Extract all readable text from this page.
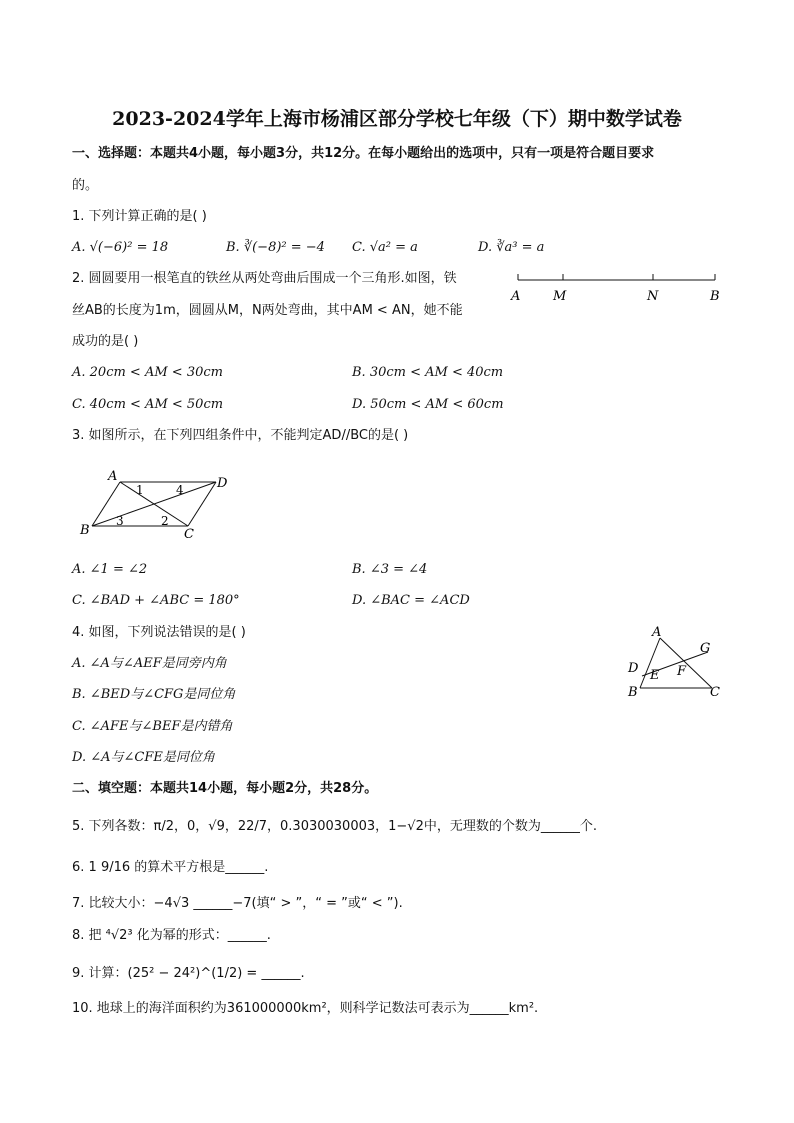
2023-2024学年上海市杨浦区部分学校七年级（下）期中数学试卷
一、选择题：本题共4小题，每小题3分，共12分。在每小题给出的选项中，只有一项是符合题目要求
的。
1. 下列计算正确的是( )
A. √(−6)² = 18	B. ∛(−8)² = −4 C. √a² = a	D. ∛a³ = a
2. 圆圆要用一根笔直的铁丝从两处弯曲后围成一个三角形.如图，铁
丝AB的长度为1m，圆圆从M，N两处弯曲，其中AM < AN，她不能
成功的是( )
A	M	N	B
A. 20cm < AM < 30cm	B. 30cm < AM < 40cm
C. 40cm < AM < 50cm	D. 50cm < AM < 60cm
3. 如图所示，在下列四组条件中，不能判定AD//BC的是( )
A	D
B	C
1	4
3	2
A. ∠1 = ∠2	B. ∠3 = ∠4
C. ∠BAD + ∠ABC = 180°	D. ∠BAC = ∠ACD
4. 如图，下列说法错误的是( )	A
G
D E F
B	C
A. ∠A与∠AEF是同旁内角
B. ∠BED与∠CFG是同位角
C. ∠AFE与∠BEF是内错角
D. ∠A与∠CFE是同位角
二、填空题：本题共14小题，每小题2分，共28分。
5. 下列各数：π/2，0，√9，22/7，0.3030030003，1−√2中，无理数的个数为______个.
6. 1 9/16 的算术平方根是______.
7. 比较大小：−4√3 ______−7(填“ > ”，“ = ”或“ < ”).
8. 把 ⁴√2³ 化为幂的形式：______.
9. 计算：(25² − 24²)^(1/2) = ______.
10. 地球上的海洋面积约为361000000km²，则科学记数法可表示为______km².
